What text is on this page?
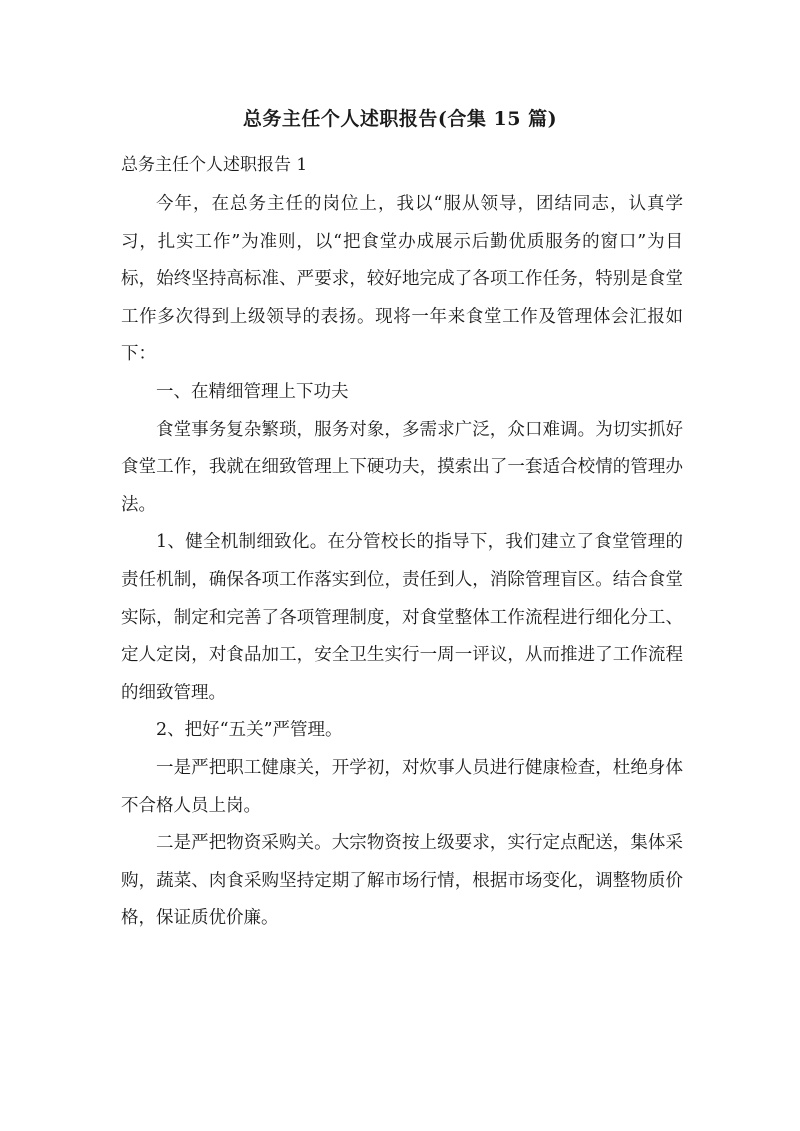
总务主任个人述职报告(合集 15 篇)
总务主任个人述职报告 1

今年，在总务主任的岗位上，我以“服从领导，团结同志，认真学习，扎实工作”为准则，以“把食堂办成展示后勤优质服务的窗口”为目标，始终坚持高标准、严要求，较好地完成了各项工作任务，特别是食堂工作多次得到上级领导的表扬。现将一年来食堂工作及管理体会汇报如下：

一、在精细管理上下功夫

食堂事务复杂繁琐，服务对象，多需求广泛，众口难调。为切实抓好食堂工作，我就在细致管理上下硬功夫，摸索出了一套适合校情的管理办法。

1、健全机制细致化。在分管校长的指导下，我们建立了食堂管理的责任机制，确保各项工作落实到位，责任到人，消除管理盲区。结合食堂实际，制定和完善了各项管理制度，对食堂整体工作流程进行细化分工、定人定岗，对食品加工，安全卫生实行一周一评议，从而推进了工作流程的细致管理。

2、把好“五关”严管理。

一是严把职工健康关，开学初，对炊事人员进行健康检查，杜绝身体不合格人员上岗。

二是严把物资采购关。大宗物资按上级要求，实行定点配送，集体采购，蔬菜、肉食采购坚持定期了解市场行情，根据市场变化，调整物质价格，保证质优价廉。
